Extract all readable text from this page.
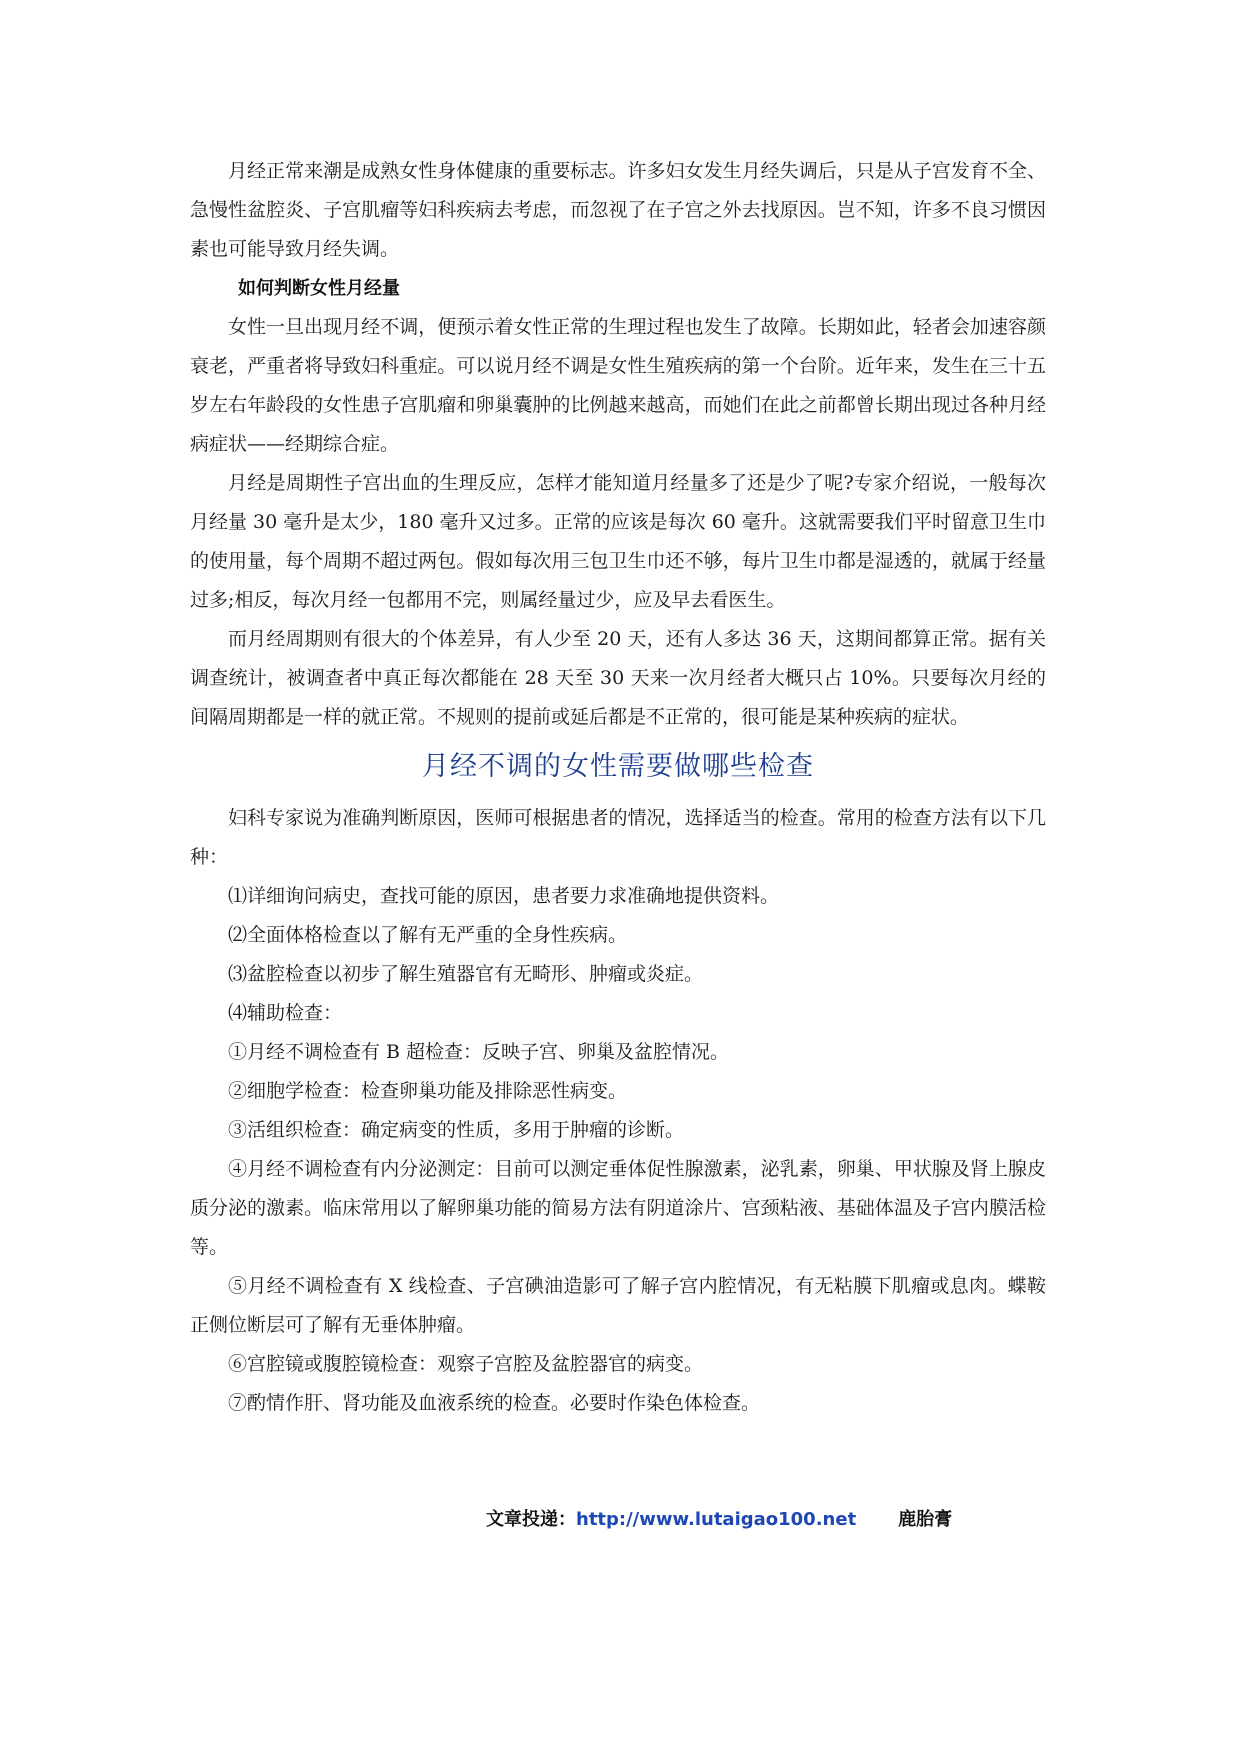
月经正常来潮是成熟女性身体健康的重要标志。许多妇女发生月经失调后，只是从子宫发育不全、急慢性盆腔炎、子宫肌瘤等妇科疾病去考虑，而忽视了在子宫之外去找原因。岂不知，许多不良习惯因素也可能导致月经失调。

如何判断女性月经量

女性一旦出现月经不调，便预示着女性正常的生理过程也发生了故障。长期如此，轻者会加速容颜衰老，严重者将导致妇科重症。可以说月经不调是女性生殖疾病的第一个台阶。近年来，发生在三十五岁左右年龄段的女性患子宫肌瘤和卵巢囊肿的比例越来越高，而她们在此之前都曾长期出现过各种月经病症状——经期综合症。

月经是周期性子宫出血的生理反应，怎样才能知道月经量多了还是少了呢?专家介绍说，一般每次月经量 30 毫升是太少，180 毫升又过多。正常的应该是每次 60 毫升。这就需要我们平时留意卫生巾的使用量，每个周期不超过两包。假如每次用三包卫生巾还不够，每片卫生巾都是湿透的，就属于经量过多;相反，每次月经一包都用不完，则属经量过少，应及早去看医生。

而月经周期则有很大的个体差异，有人少至 20 天，还有人多达 36 天，这期间都算正常。据有关调查统计，被调查者中真正每次都能在 28 天至 30 天来一次月经者大概只占 10%。只要每次月经的间隔周期都是一样的就正常。不规则的提前或延后都是不正常的，很可能是某种疾病的症状。

月经不调的女性需要做哪些检查

妇科专家说为准确判断原因，医师可根据患者的情况，选择适当的检查。常用的检查方法有以下几种：

⑴详细询问病史，查找可能的原因，患者要力求准确地提供资料。

⑵全面体格检查以了解有无严重的全身性疾病。

⑶盆腔检查以初步了解生殖器官有无畸形、肿瘤或炎症。

⑷辅助检查：

①月经不调检查有 B 超检查：反映子宫、卵巢及盆腔情况。

②细胞学检查：检查卵巢功能及排除恶性病变。

③活组织检查：确定病变的性质，多用于肿瘤的诊断。

④月经不调检查有内分泌测定：目前可以测定垂体促性腺激素，泌乳素，卵巢、甲状腺及肾上腺皮质分泌的激素。临床常用以了解卵巢功能的简易方法有阴道涂片、宫颈粘液、基础体温及子宫内膜活检等。

⑤月经不调检查有 X 线检查、子宫碘油造影可了解子宫内腔情况，有无粘膜下肌瘤或息肉。蝶鞍正侧位断层可了解有无垂体肿瘤。

⑥宫腔镜或腹腔镜检查：观察子宫腔及盆腔器官的病变。

⑦酌情作肝、肾功能及血液系统的检查。必要时作染色体检查。

文章投递：http://www.lutaigao100.net 鹿胎膏
